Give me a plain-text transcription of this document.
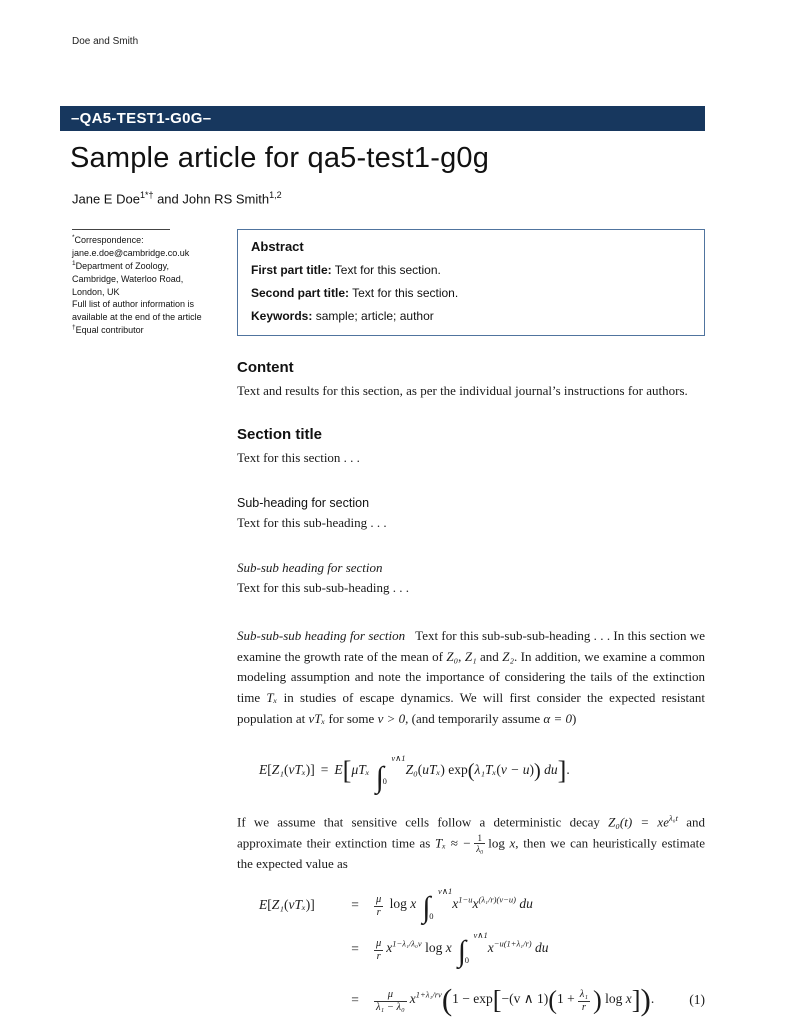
Doe and Smith
–QA5-TEST1-G0G–
Sample article for qa5-test1-g0g
Jane E Doe$^{1*\dagger}$ and John RS Smith$^{1,2}$
*Correspondence:
jane.e.doe@cambridge.co.uk
$^1$Department of Zoology,
Cambridge, Waterloo Road,
London, UK
Full list of author information is
available at the end of the article
†Equal contributor
Abstract
First part title: Text for this section.
Second part title: Text for this section.
Keywords: sample; article; author
Content

Text and results for this section, as per the individual journal’s instructions for authors.

Section title

Text for this section . . .

Sub-heading for section

Text for this sub-heading . . .

Sub-sub heading for section

Text for this sub-sub-heading . . .

Sub-sub-sub heading for section Text for this sub-sub-sub-heading . . . In this section we examine the growth rate of the mean of Z₀, Z₁ and Z₂. In addition, we examine a common modeling assumption and note the importance of considering the tails of the extinction time Tₓ in studies of escape dynamics. We will first consider the expected resistant population at vTₓ for some v > 0, (and temporarily assume α = 0)

E[Z₁(vTₓ)] = E[μTₓ ∫
v∧1
0
Z₀(uTₓ) exp(λ₁Tₓ(v − u)) du].

If we assume that sensitive cells follow a deterministic decay $Z_0(t) = xe^{\lambda_0t}$ and approximate their extinction time as Tₓ ≈ − $\frac{1}{\text{λ₀}}$ log x, then we can heuristically estimate the expected value as

E[Z₁(vTₓ)]	=	$\frac{\mu}{r}$ log x ∫ v∧1
0
$x^{1-u}x^{(\lambda_1/r)(v-u)}$ du
=	$\frac{\mu}{r} x^{1-\lambda_1/\lambda_0v}$ log x ∫ v∧1
0
$x^{-u(1+\lambda_1/r)}$ du
=	$\frac{\mu}{\text{λ₁ − λ₀}} x^{1+\lambda_1/rv}(1 - \exp[-(v$ ∧ $1)(1 + \frac{\text{λ₁}}{r}$ ) log x]).	(1)
